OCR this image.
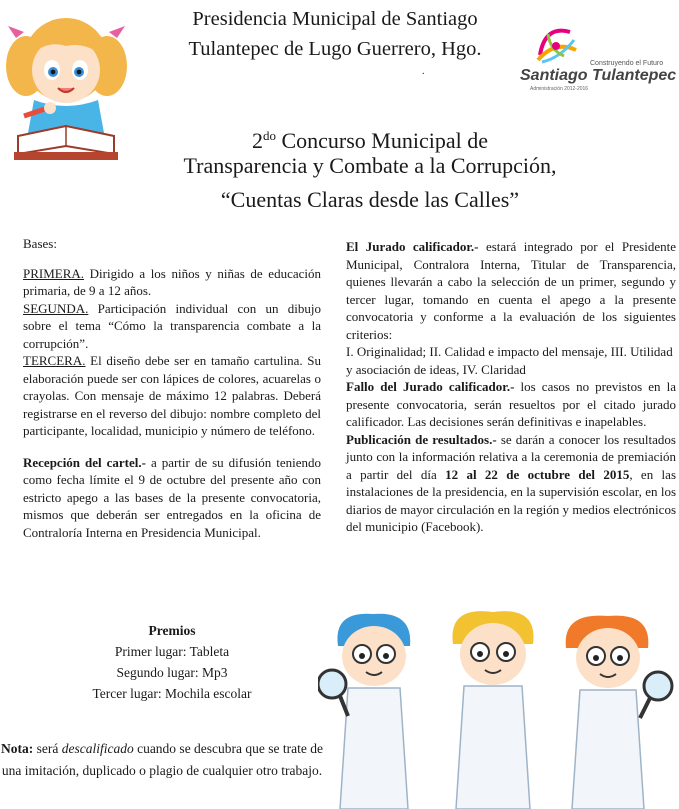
Presidencia Municipal de Santiago
Tulantepec de Lugo Guerrero, Hgo.
.
Construyendo el Futuro
Santiago Tulantepec
Administración 2012-2016
$2^{do}$ Concurso Municipal de
Transparencia y Combate a la Corrupción,
“Cuentas Claras desde las Calles”

Bases:

PRIMERA. Dirigido a los niños y niñas de educación primaria, de 9 a 12 años.

SEGUNDA. Participación individual con un dibujo sobre el tema “Cómo la transparencia combate a la corrupción”.

TERCERA. El diseño debe ser en tamaño cartulina. Su elaboración puede ser con lápices de colores, acuarelas o crayolas. Con mensaje de máximo 12 palabras. Deberá registrarse en el reverso del dibujo: nombre completo del participante, localidad, municipio y número de teléfono.

Recepción del cartel.- a partir de su difusión teniendo como fecha límite el 9 de octubre del presente año con estricto apego a las bases de la presente convocatoria, mismos que deberán ser entregados en la oficina de Contraloría Interna en Presidencia Municipal.

Premios
Primer lugar: Tableta
Segundo lugar: Mp3
Tercer lugar: Mochila escolar
Nota: será descalificado cuando se descubra que se trate de una imitación, duplicado o plagio de cualquier otro trabajo.

El Jurado calificador.- estará integrado por el Presidente Municipal, Contralora Interna, Titular de Transparencia, quienes llevarán a cabo la selección de un primer, segundo y tercer lugar, tomando en cuenta el apego a la presente convocatoria y conforme a la evaluación de los siguientes criterios:

I. Originalidad; II. Calidad e impacto del mensaje, III. Utilidad y asociación de ideas, IV. Claridad

Fallo del Jurado calificador.- los casos no previstos en la presente convocatoria, serán resueltos por el citado jurado calificador. Las decisiones serán definitivas e inapelables.

Publicación de resultados.- se darán a conocer los resultados junto con la información relativa a la ceremonia de premiación a partir del día 12 al 22 de octubre del 2015, en las instalaciones de la presidencia, en la supervisión escolar, en los diarios de mayor circulación en la región y medios electrónicos del municipio (Facebook).
